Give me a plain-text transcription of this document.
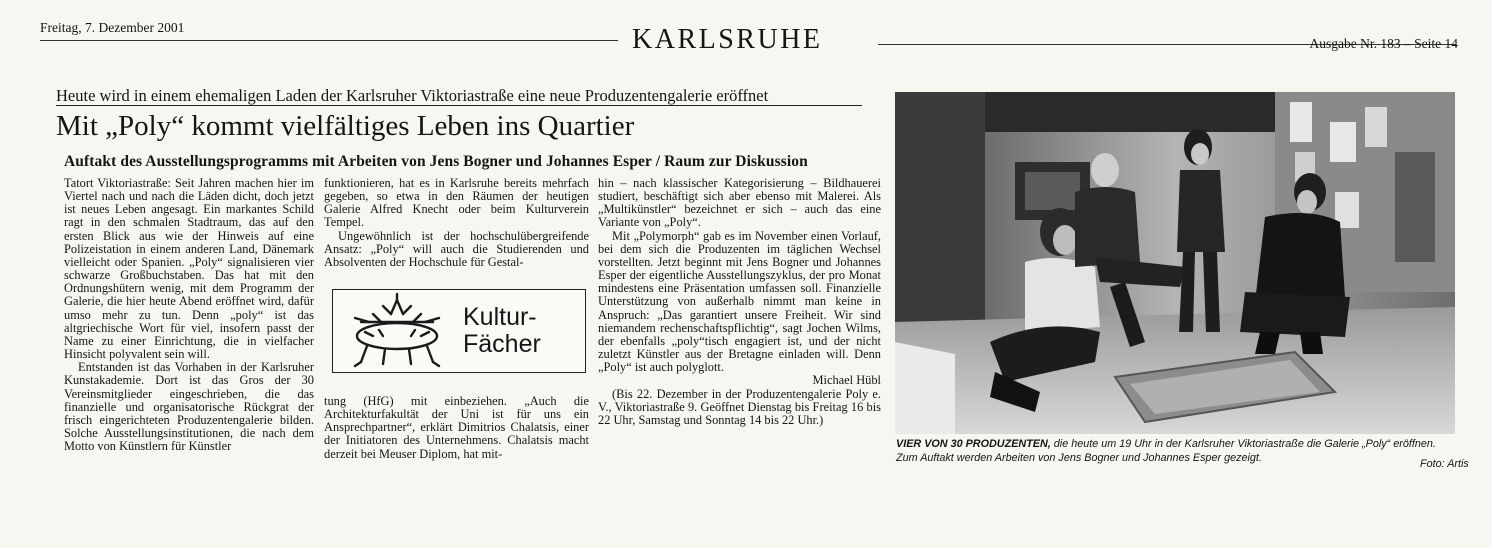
Freitag, 7. Dezember 2001	KARLSRUHE	Ausgabe Nr. 183 – Seite 14
Heute wird in einem ehemaligen Laden der Karlsruher Viktoriastraße eine neue Produzentengalerie eröffnet
Mit „Poly“ kommt vielfältiges Leben ins Quartier
Auftakt des Ausstellungsprogramms mit Arbeiten von Jens Bogner und Johannes Esper / Raum zur Diskussion

Tatort Viktoriastraße: Seit Jahren machen hier im Viertel nach und nach die Läden dicht, doch jetzt ist neues Leben angesagt. Ein markantes Schild ragt in den schmalen Stadtraum, das auf den ersten Blick aus wie der Hinweis auf eine Polizeistation in einem anderen Land, Dänemark vielleicht oder Spanien. „Poly“ signalisieren vier schwarze Großbuchstaben. Das hat mit den Ordnungshütern wenig, mit dem Programm der Galerie, die hier heute Abend eröffnet wird, dafür umso mehr zu tun. Denn „poly“ ist das altgriechische Wort für viel, insofern passt der Name zu einer Einrichtung, die in vielfacher Hinsicht polyvalent sein will.

Entstanden ist das Vorhaben in der Karlsruher Kunstakademie. Dort ist das Gros der 30 Vereinsmitglieder eingeschrieben, die das finanzielle und organisatorische Rückgrat der frisch eingerichteten Produzentengalerie bilden. Solche Ausstellungsinstitutionen, die nach dem Motto von Künstlern für Künstler

funktionieren, hat es in Karlsruhe bereits mehrfach gegeben, so etwa in den Räumen der heutigen Galerie Alfred Knecht oder beim Kulturverein Tempel.

Ungewöhnlich ist der hochschulübergreifende Ansatz: „Poly“ will auch die Studierenden und Absolventen der Hochschule für Gestal-

Kultur-
Fächer

tung (HfG) mit einbeziehen. „Auch die Architekturfakultät der Uni ist für uns ein Ansprechpartner“, erklärt Dimitrios Chalatsis, einer der Initiatoren des Unternehmens. Chalatsis macht derzeit bei Meuser Diplom, hat mit-

hin – nach klassischer Kategorisierung – Bildhauerei studiert, beschäftigt sich aber ebenso mit Malerei. Als „Multikünstler“ bezeichnet er sich – auch das eine Variante von „Poly“.

Mit „Polymorph“ gab es im November einen Vorlauf, bei dem sich die Produzenten im täglichen Wechsel vorstellten. Jetzt beginnt mit Jens Bogner und Johannes Esper der eigentliche Ausstellungszyklus, der pro Monat mindestens eine Präsentation umfassen soll. Finanzielle Unterstützung von außerhalb nimmt man keine in Anspruch: „Das garantiert unsere Freiheit. Wir sind niemandem rechenschaftspflichtig“, sagt Jochen Wilms, der ebenfalls „poly“tisch engagiert ist, und der nicht zuletzt Künstler aus der Bretagne einladen will. Denn „Poly“ ist auch polyglott.

Michael Hübl

(Bis 22. Dezember in der Produzentengalerie Poly e. V., Viktoriastraße 9. Geöffnet Dienstag bis Freitag 16 bis 22 Uhr, Samstag und Sonntag 14 bis 22 Uhr.)

VIER VON 30 PRODUZENTEN, die heute um 19 Uhr in der Karlsruher Viktoriastraße die Galerie „Poly“ eröffnen. Zum Auftakt werden Arbeiten von Jens Bogner und Johannes Esper gezeigt.
Foto: Artis
